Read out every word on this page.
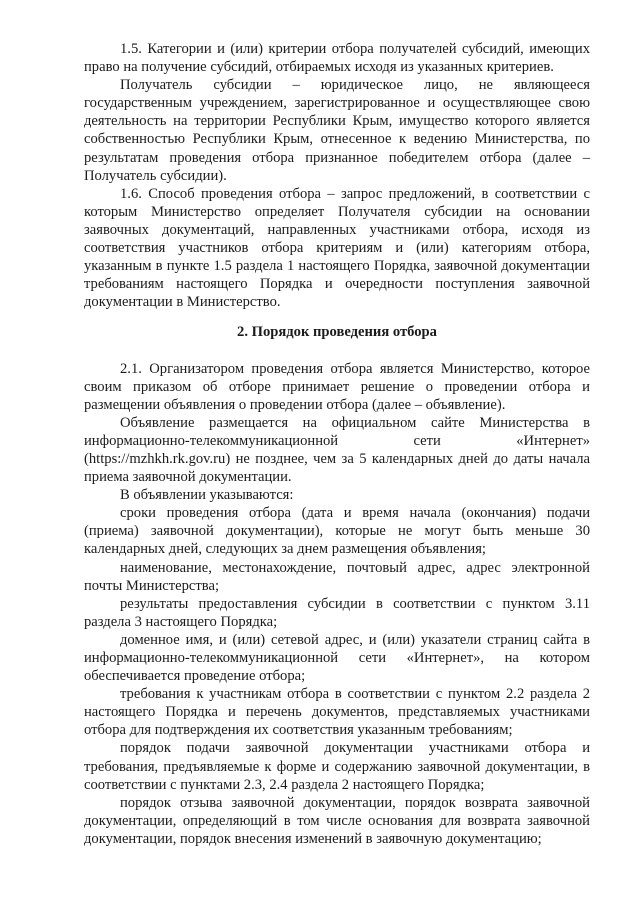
1.5. Категории и (или) критерии отбора получателей субсидий, имеющих право на получение субсидий, отбираемых исходя из указанных критериев.

Получатель субсидии – юридическое лицо, не являющееся государственным учреждением, зарегистрированное и осуществляющее свою деятельность на территории Республики Крым, имущество которого является собственностью Республики Крым, отнесенное к ведению Министерства, по результатам проведения отбора признанное победителем отбора (далее – Получатель субсидии).

1.6. Способ проведения отбора – запрос предложений, в соответствии с которым Министерство определяет Получателя субсидии на основании заявочных документаций, направленных участниками отбора, исходя из соответствия участников отбора критериям и (или) категориям отбора, указанным в пункте 1.5 раздела 1 настоящего Порядка, заявочной документации требованиям настоящего Порядка и очередности поступления заявочной документации в Министерство.

2. Порядок проведения отбора

2.1. Организатором проведения отбора является Министерство, которое своим приказом об отборе принимает решение о проведении отбора и размещении объявления о проведении отбора (далее – объявление).

Объявление размещается на официальном сайте Министерства в информационно-телекоммуникационной сети «Интернет» (https://mzhkh.rk.gov.ru) не позднее, чем за 5 календарных дней до даты начала приема заявочной документации.

В объявлении указываются:

сроки проведения отбора (дата и время начала (окончания) подачи (приема) заявочной документации), которые не могут быть меньше 30 календарных дней, следующих за днем размещения объявления;

наименование, местонахождение, почтовый адрес, адрес электронной почты Министерства;

результаты предоставления субсидии в соответствии с пунктом 3.11 раздела 3 настоящего Порядка;

доменное имя, и (или) сетевой адрес, и (или) указатели страниц сайта в информационно-телекоммуникационной сети «Интернет», на котором обеспечивается проведение отбора;

требования к участникам отбора в соответствии с пунктом 2.2 раздела 2 настоящего Порядка и перечень документов, представляемых участниками отбора для подтверждения их соответствия указанным требованиям;

порядок подачи заявочной документации участниками отбора и требования, предъявляемые к форме и содержанию заявочной документации, в соответствии с пунктами 2.3, 2.4 раздела 2 настоящего Порядка;

порядок отзыва заявочной документации, порядок возврата заявочной документации, определяющий в том числе основания для возврата заявочной документации, порядок внесения изменений в заявочную документацию;
